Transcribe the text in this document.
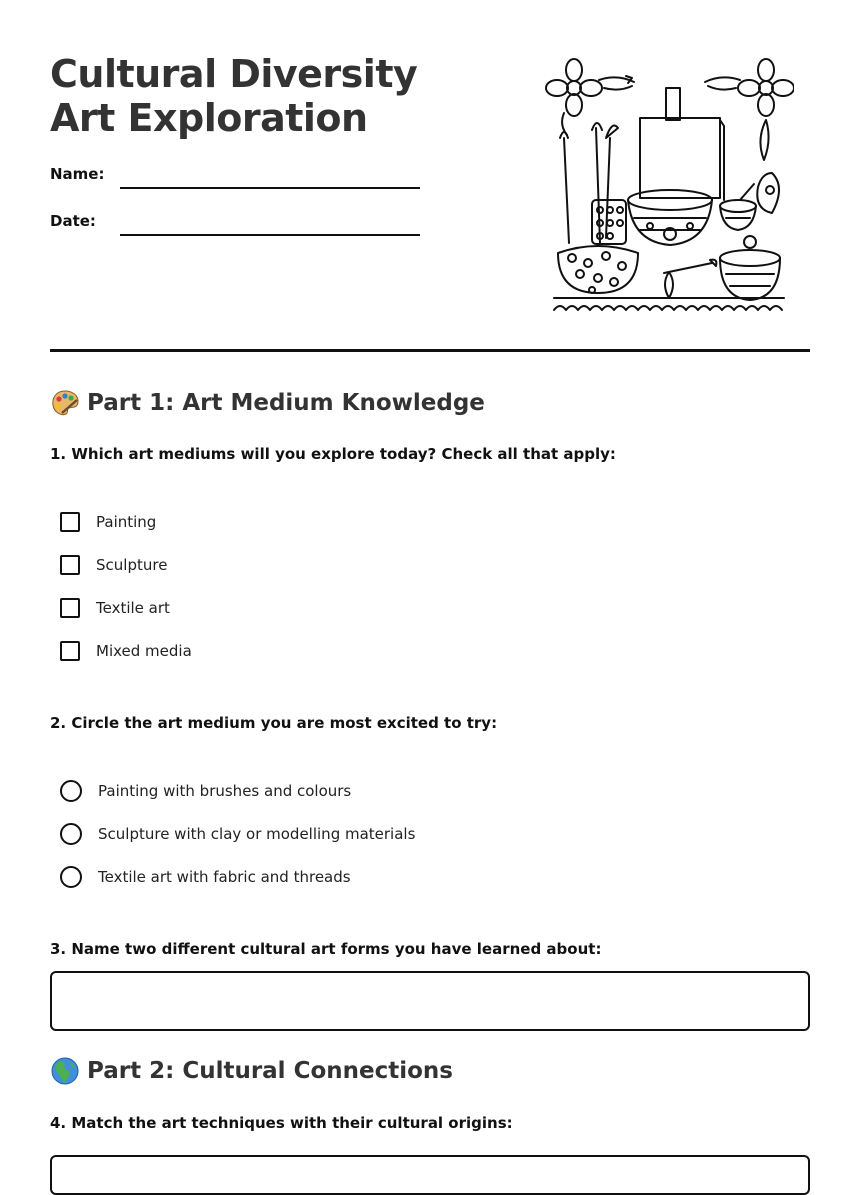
Cultural Diversity Art Exploration
Name:
Date:
Part 1: Art Medium Knowledge
1. Which art mediums will you explore today? Check all that apply:
Painting
Sculpture
Textile art
Mixed media
2. Circle the art medium you are most excited to try:
Painting with brushes and colours
Sculpture with clay or modelling materials
Textile art with fabric and threads
3. Name two different cultural art forms you have learned about:
Part 2: Cultural Connections
4. Match the art techniques with their cultural origins:
